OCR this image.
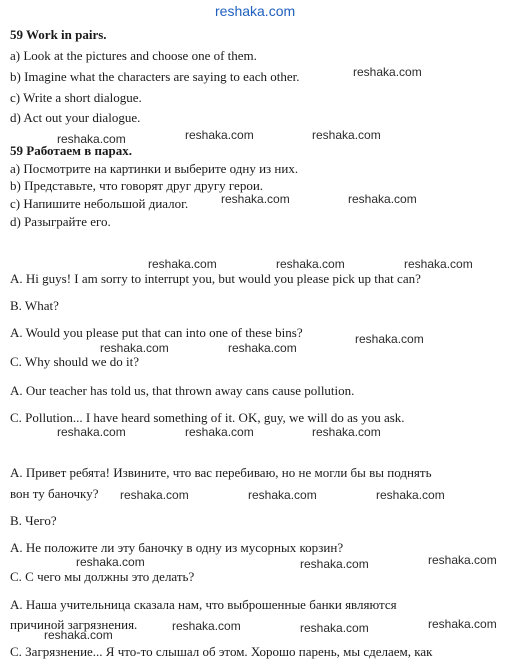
reshaka.com
59 Work in pairs.
a) Look at the pictures and choose one of them.
b) Imagine what the characters are saying to each other.
c) Write a short dialogue.
d) Act out your dialogue.
59 Работаем в парах.
а) Посмотрите на картинки и выберите одну из них.
b) Представьте, что говорят друг другу герои.
с) Напишите небольшой диалог.
d) Разыграйте его.
A. Hi guys! I am sorry to interrupt you, but would you please pick up that can?
B. What?
A. Would you please put that can into one of these bins?
C. Why should we do it?
A. Our teacher has told us, that thrown away cans cause pollution.
C. Pollution... I have heard something of it. OK, guy, we will do as you ask.
А. Привет ребята! Извините, что вас перебиваю, но не могли бы вы поднять
вон ту баночку?
В. Чего?
А. Не положите ли эту баночку в одну из мусорных корзин?
С. С чего мы должны это делать?
А. Наша учительница сказала нам, что выброшенные банки являются
причиной загрязнения.
С. Загрязнение... Я что-то слышал об этом. Хорошо парень, мы сделаем, как
reshaka.com
reshaka.com	reshaka.com	reshaka.com
reshaka.com	reshaka.com
reshaka.com	reshaka.com	reshaka.com
reshaka.com
reshaka.com	reshaka.com
reshaka.com	reshaka.com	reshaka.com
reshaka.com	reshaka.com	reshaka.com
reshaka.com	reshaka.com	reshaka.com
reshaka.com	reshaka.com	reshaka.com
reshaka.com
